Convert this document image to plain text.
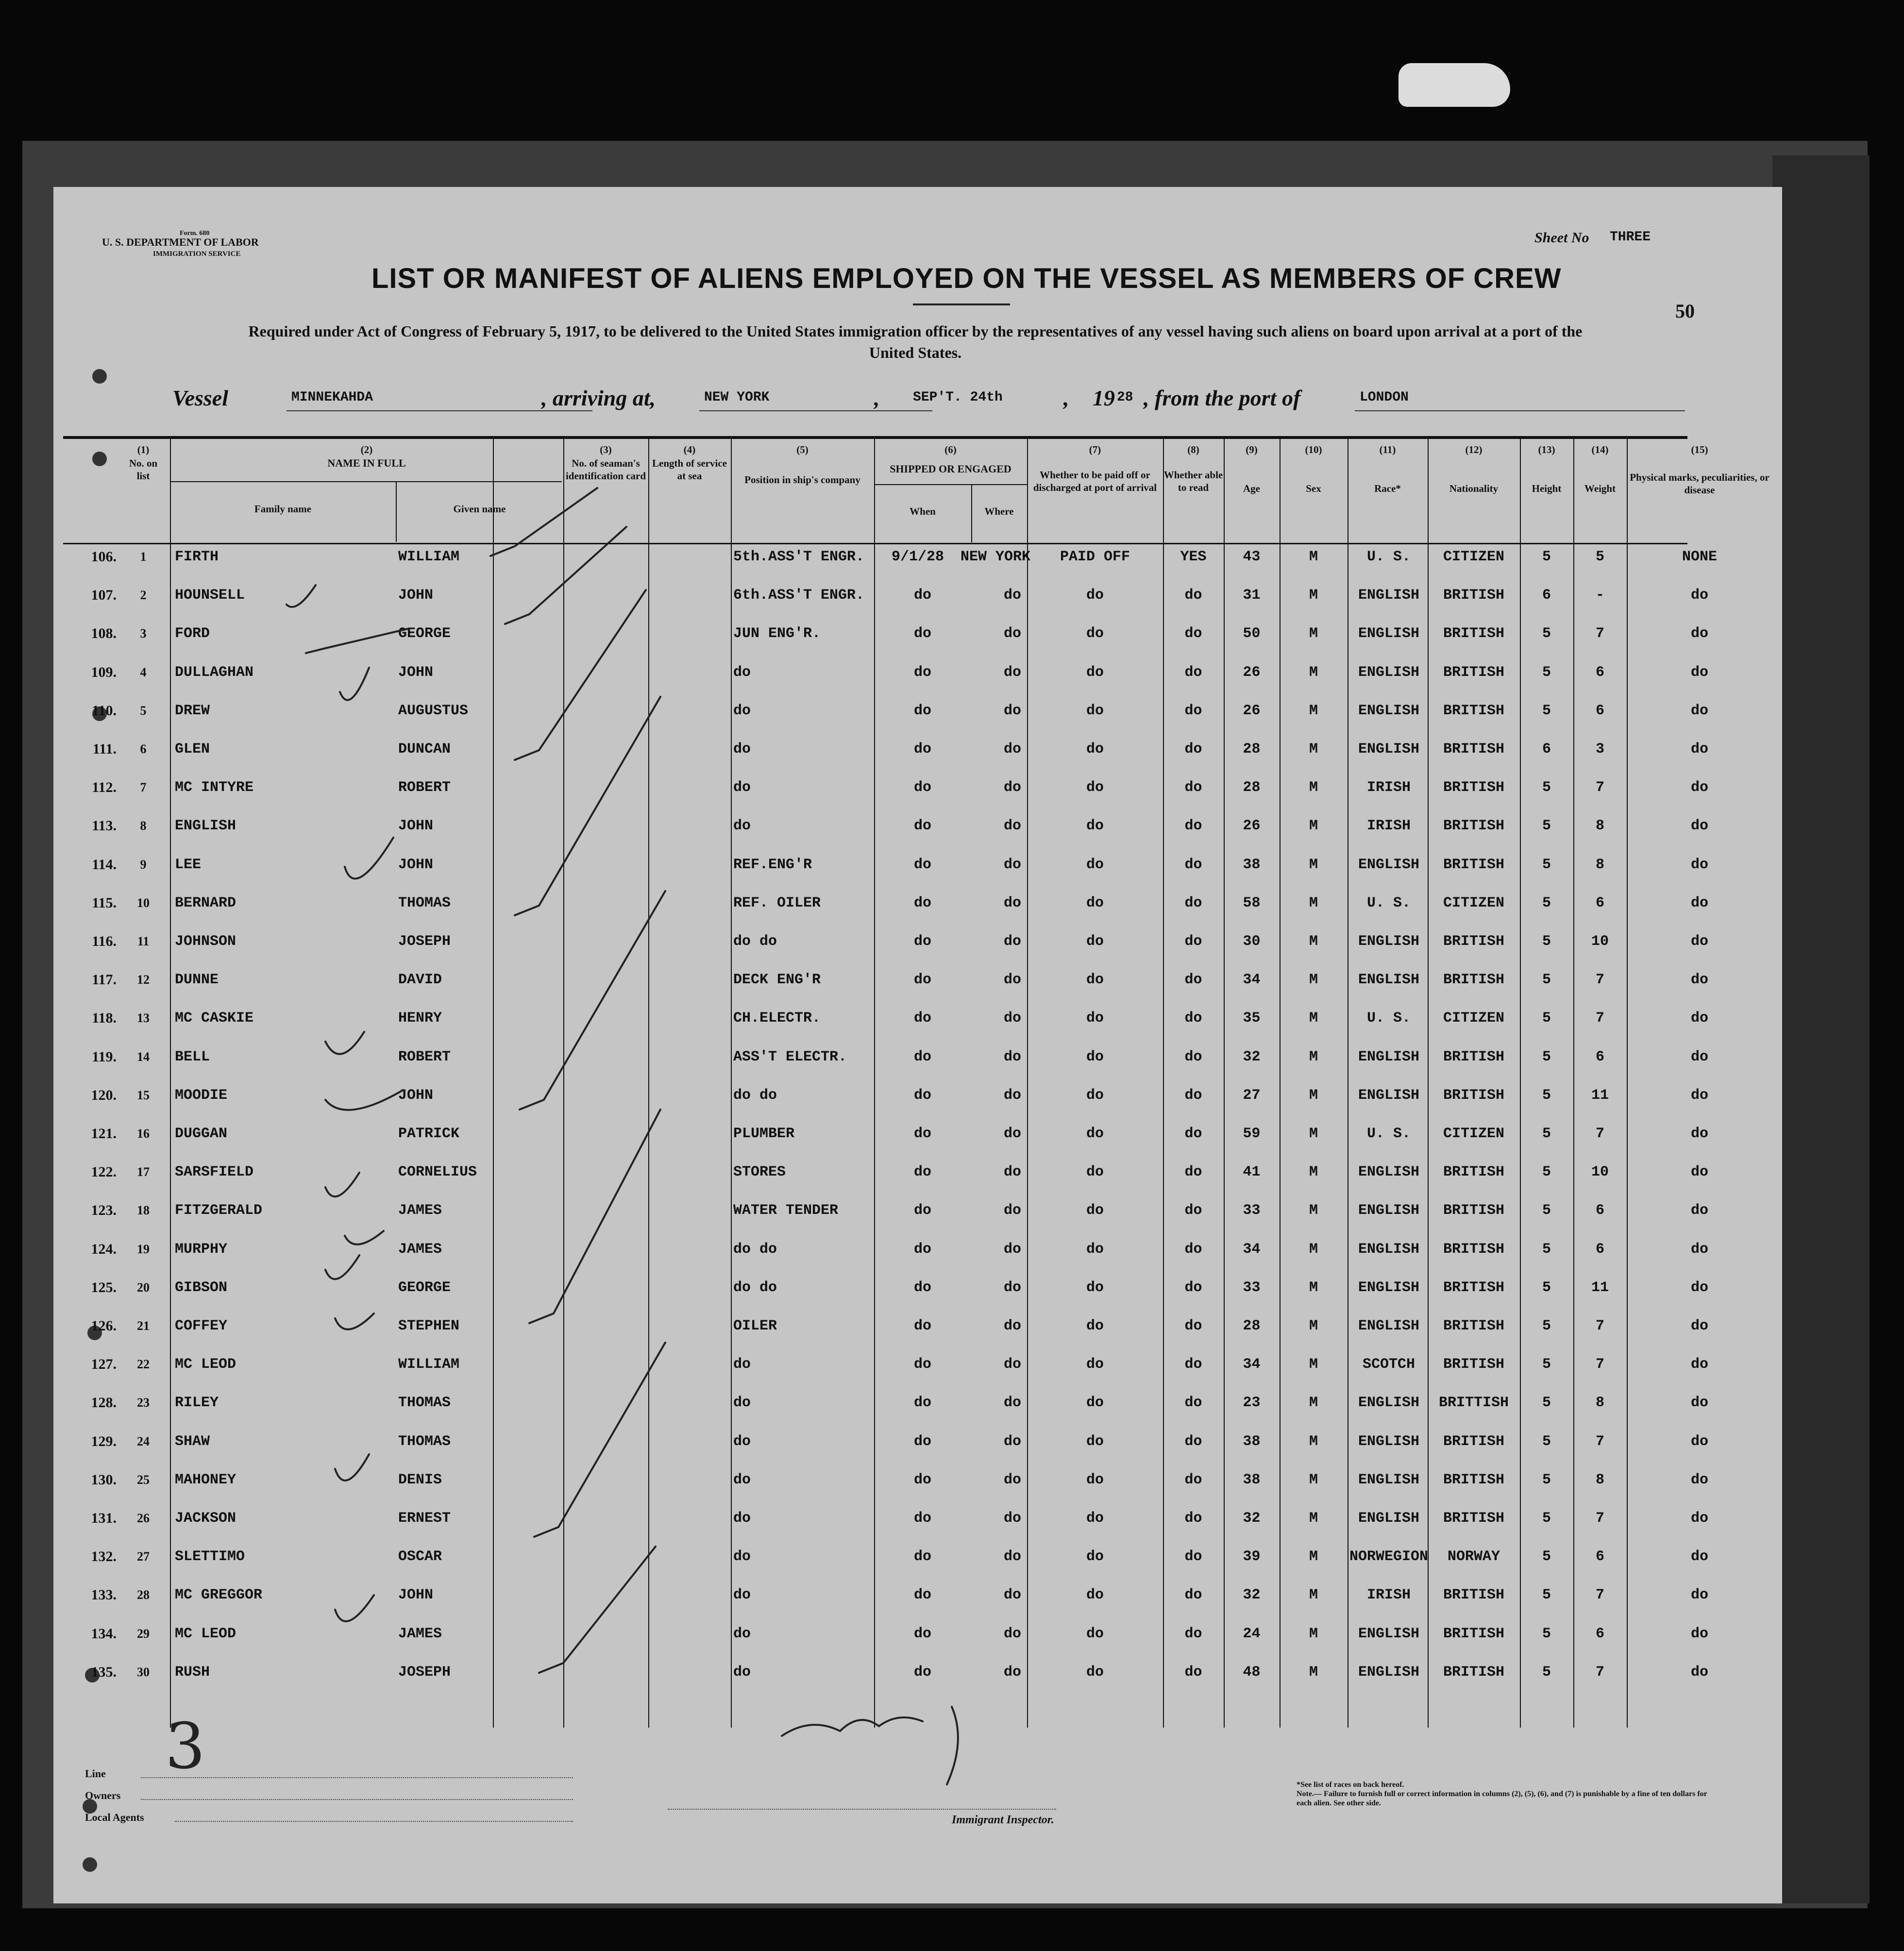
Form. 680
U. S. DEPARTMENT OF LABOR
IMMIGRATION SERVICE
Sheet No THREE
50
LIST OR MANIFEST OF ALIENS EMPLOYED ON THE VESSEL AS MEMBERS OF CREW
Required under Act of Congress of February 5, 1917, to be delivered to the United States immigration officer by the representatives of any vessel having such aliens on board upon arrival at a port of the United States.
Vessel	MINNEKAHDA	, arriving at,	NEW YORK	, SEP'T. 24th	, 19 28 , from the port of	LONDON
(1)
No. on list
(2)
NAME IN FULL
Family name	Given name
(3)
No. of seaman's identification card
(4)
Length of service at sea
(5)
Position in ship's company
(6)
SHIPPED OR ENGAGED
When	Where
(7)
Whether to be paid off or discharged at port of arrival
(8)
Whether able to read
(9)
Age
(10)
Sex
(11)
Race*
(12)
Nationality
(13)
Height
(14)
Weight
(15)
Physical marks, peculiarities, or disease
106.	1	FIRTH	WILLIAM	5th.ASS'T ENGR.	9/1/28	NEW YORK	PAID OFF	YES	43	M	U. S.	CITIZEN	5	5	NONE
107.	2	HOUNSELL	JOHN	6th.ASS'T ENGR.	do	do	do	do	31	M	ENGLISH	BRITISH	6	-	do
108.	3	FORD	GEORGE	JUN ENG'R.	do	do	do	do	50	M	ENGLISH	BRITISH	5	7	do
109.	4	DULLAGHAN	JOHN	do	do	do	do	do	26	M	ENGLISH	BRITISH	5	6	do
110.	5	DREW	AUGUSTUS	do	do	do	do	do	26	M	ENGLISH	BRITISH	5	6	do
111.	6	GLEN	DUNCAN	do	do	do	do	do	28	M	ENGLISH	BRITISH	6	3	do
112.	7	MC INTYRE	ROBERT	do	do	do	do	do	28	M	IRISH	BRITISH	5	7	do
113.	8	ENGLISH	JOHN	do	do	do	do	do	26	M	IRISH	BRITISH	5	8	do
114.	9	LEE	JOHN	REF.ENG'R	do	do	do	do	38	M	ENGLISH	BRITISH	5	8	do
115.	10	BERNARD	THOMAS	REF. OILER	do	do	do	do	58	M	U. S.	CITIZEN	5	6	do
116.	11	JOHNSON	JOSEPH	do do	do	do	do	do	30	M	ENGLISH	BRITISH	5	10	do
117.	12	DUNNE	DAVID	DECK ENG'R	do	do	do	do	34	M	ENGLISH	BRITISH	5	7	do
118.	13	MC CASKIE	HENRY	CH.ELECTR.	do	do	do	do	35	M	U. S.	CITIZEN	5	7	do
119.	14	BELL	ROBERT	ASS'T ELECTR.	do	do	do	do	32	M	ENGLISH	BRITISH	5	6	do
120.	15	MOODIE	JOHN	do do	do	do	do	do	27	M	ENGLISH	BRITISH	5	11	do
121.	16	DUGGAN	PATRICK	PLUMBER	do	do	do	do	59	M	U. S.	CITIZEN	5	7	do
122.	17	SARSFIELD	CORNELIUS	STORES	do	do	do	do	41	M	ENGLISH	BRITISH	5	10	do
123.	18	FITZGERALD	JAMES	WATER TENDER	do	do	do	do	33	M	ENGLISH	BRITISH	5	6	do
124.	19	MURPHY	JAMES	do do	do	do	do	do	34	M	ENGLISH	BRITISH	5	6	do
125.	20	GIBSON	GEORGE	do do	do	do	do	do	33	M	ENGLISH	BRITISH	5	11	do
126.	21	COFFEY	STEPHEN	OILER	do	do	do	do	28	M	ENGLISH	BRITISH	5	7	do
127.	22	MC LEOD	WILLIAM	do	do	do	do	do	34	M	SCOTCH	BRITISH	5	7	do
128.	23	RILEY	THOMAS	do	do	do	do	do	23	M	ENGLISH	BRITTISH	5	8	do
129.	24	SHAW	THOMAS	do	do	do	do	do	38	M	ENGLISH	BRITISH	5	7	do
130.	25	MAHONEY	DENIS	do	do	do	do	do	38	M	ENGLISH	BRITISH	5	8	do
131.	26	JACKSON	ERNEST	do	do	do	do	do	32	M	ENGLISH	BRITISH	5	7	do
132.	27	SLETTIMO	OSCAR	do	do	do	do	do	39	M	NORWEGION	NORWAY	5	6	do
133.	28	MC GREGGOR	JOHN	do	do	do	do	do	32	M	IRISH	BRITISH	5	7	do
134.	29	MC LEOD	JAMES	do	do	do	do	do	24	M	ENGLISH	BRITISH	5	6	do
135.	30	RUSH	JOSEPH	do	do	do	do	do	48	M	ENGLISH	BRITISH	5	7	do
3
Line
Owners
Local Agents	Immigrant Inspector.
*See list of races on back hereof.
Note.— Failure to furnish full or correct information in columns (2), (5), (6), and (7) is punishable by a fine of ten dollars for each alien. See other side.
